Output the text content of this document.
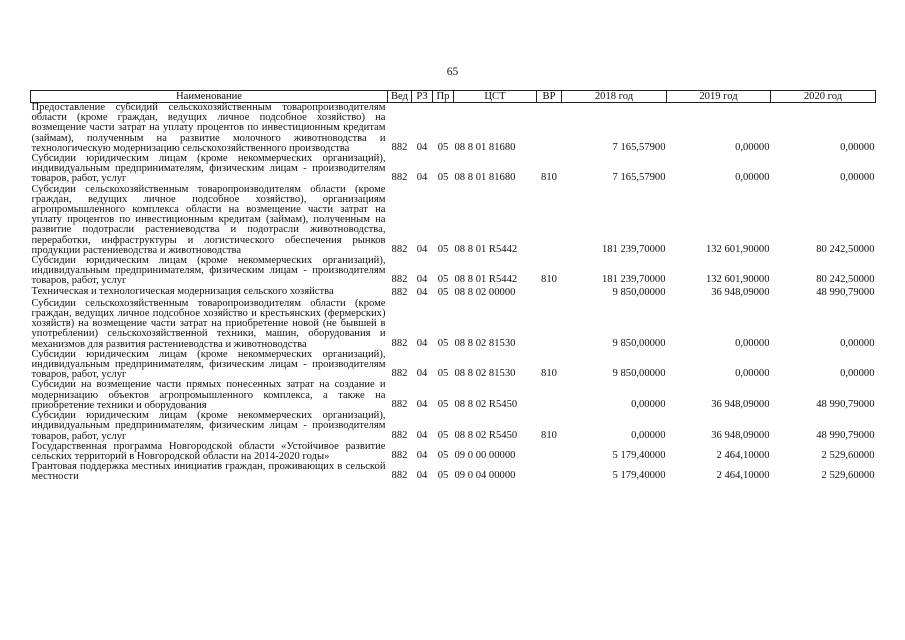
65
Наименование	Вед	РЗ	Пр	ЦСТ	ВР	2018 год	2019 год	2020 год
Предоставление субсидий сельскохозяйственным товаропроизводителям области (кроме граждан, ведущих личное подсобное хозяйство) на возмещение части затрат на уплату процентов по инвестиционным кредитам (займам), полученным на развитие молочного животноводства и технологическую модернизацию сельскохозяйственного производства	882	04	05	08 8 01 81680		7 165,57900	0,00000	0,00000
Субсидии юридическим лицам (кроме некоммерческих организаций), индивидуальным предпринимателям, физическим лицам - производителям товаров, работ, услуг	882	04	05	08 8 01 81680	810	7 165,57900	0,00000	0,00000
Субсидии сельскохозяйственным товаропроизводителям области (кроме граждан, ведущих личное подсобное хозяйство), организациям агропромышленного комплекса области на возмещение части затрат на уплату процентов по инвестиционным кредитам (займам), полученным на развитие подотрасли растениеводства и подотрасли животноводства, переработки, инфраструктуры и логистического обеспечения рынков продукции растениеводства и животноводства	882	04	05	08 8 01 R5442		181 239,70000	132 601,90000	80 242,50000
Субсидии юридическим лицам (кроме некоммерческих организаций), индивидуальным предпринимателям, физическим лицам - производителям товаров, работ, услуг	882	04	05	08 8 01 R5442	810	181 239,70000	132 601,90000	80 242,50000
Техническая и технологическая модернизация сельского хозяйства	882	04	05	08 8 02 00000		9 850,00000	36 948,09000	48 990,79000
Субсидии сельскохозяйственным товаропроизводителям области (кроме граждан, ведущих личное подсобное хозяйство и крестьянских (фермерских) хозяйств) на возмещение части затрат на приобретение новой (не бывшей в употреблении) сельскохозяйственной техники, машин, оборудования и механизмов для развития растениеводства и животноводства	882	04	05	08 8 02 81530		9 850,00000	0,00000	0,00000
Субсидии юридическим лицам (кроме некоммерческих организаций), индивидуальным предпринимателям, физическим лицам - производителям товаров, работ, услуг	882	04	05	08 8 02 81530	810	9 850,00000	0,00000	0,00000
Субсидии на возмещение части прямых понесенных затрат на создание и модернизацию объектов агропромышленного комплекса, а также на приобретение техники и оборудования	882	04	05	08 8 02 R5450		0,00000	36 948,09000	48 990,79000
Субсидии юридическим лицам (кроме некоммерческих организаций), индивидуальным предпринимателям, физическим лицам - производителям товаров, работ, услуг	882	04	05	08 8 02 R5450	810	0,00000	36 948,09000	48 990,79000
Государственная программа Новгородской области «Устойчивое развитие сельских территорий в Новгородской области на 2014-2020 годы»	882	04	05	09 0 00 00000		5 179,40000	2 464,10000	2 529,60000
Грантовая поддержка местных инициатив граждан, проживающих в сельской местности	882	04	05	09 0 04 00000		5 179,40000	2 464,10000	2 529,60000
